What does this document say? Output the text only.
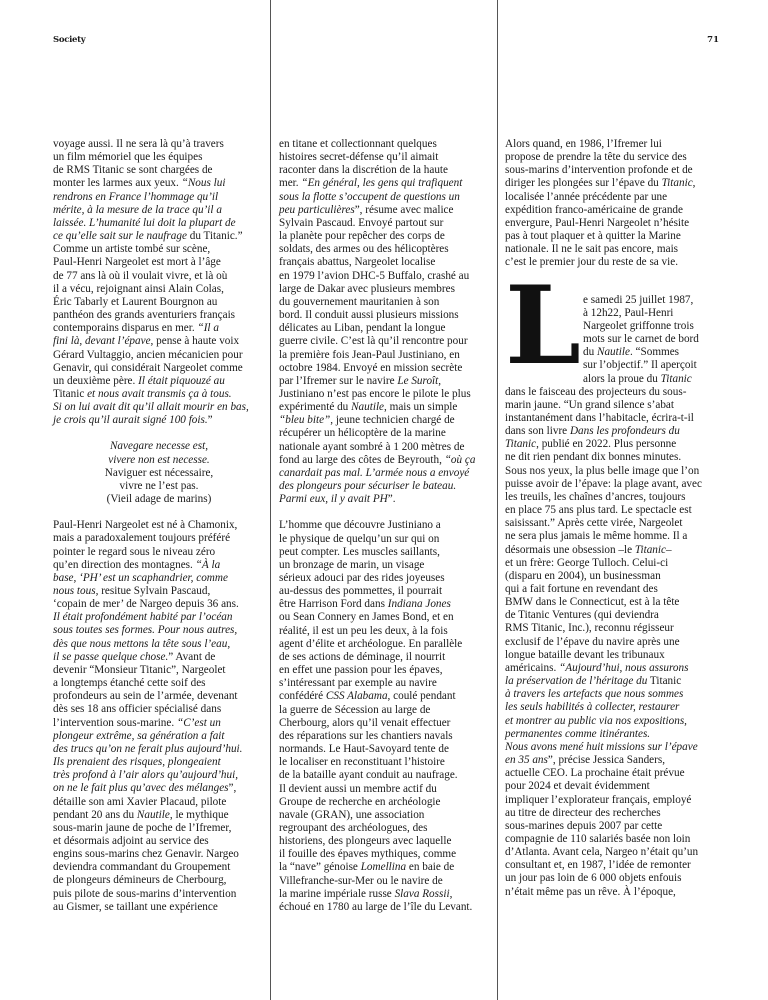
Society	71

voyage aussi. Il ne sera là qu’à travers
un film mémoriel que les équipes
de RMS Titanic se sont chargées de
monter les larmes aux yeux. “Nous lui
rendrons en France l’hommage qu’il
mérite, à la mesure de la trace qu’il a
laissée. L’humanité lui doit la plupart de
ce qu’elle sait sur le naufrage du Titanic.”
Comme un artiste tombé sur scène,
Paul-Henri Nargeolet est mort à l’âge
de 77 ans là où il voulait vivre, et là où
il a vécu, rejoignant ainsi Alain Colas,
Éric Tabarly et Laurent Bourgnon au
panthéon des grands aventuriers français
contemporains disparus en mer. “Il a
fini là, devant l’épave, pense à haute voix
Gérard Vultaggio, ancien mécanicien pour
Genavir, qui considérait Nargeolet comme
un deuxième père. Il était piquouzé au
Titanic et nous avait transmis ça à tous.
Si on lui avait dit qu’il allait mourir en bas,
je crois qu’il aurait signé 100 fois.”

Navegare necesse est,
vivere non est necesse.
Naviguer est nécessaire,
vivre ne l’est pas.
(Vieil adage de marins)

Paul-Henri Nargeolet est né à Chamonix,
mais a paradoxalement toujours préféré
pointer le regard sous le niveau zéro
qu’en direction des montagnes. “À la
base, ‘PH’ est un scaphandrier, comme
nous tous, resitue Sylvain Pascaud,
‘copain de mer’ de Nargeo depuis 36 ans.
Il était profondément habité par l’océan
sous toutes ses formes. Pour nous autres,
dès que nous mettons la tête sous l’eau,
il se passe quelque chose.” Avant de
devenir “Monsieur Titanic”, Nargeolet
a longtemps étanché cette soif des
profondeurs au sein de l’armée, devenant
dès ses 18 ans officier spécialisé dans
l’intervention sous-marine. “C’est un
plongeur extrême, sa génération a fait
des trucs qu’on ne ferait plus aujourd’hui.
Ils prenaient des risques, plongeaient
très profond à l’air alors qu’aujourd’hui,
on ne le fait plus qu’avec des mélanges”,
détaille son ami Xavier Placaud, pilote
pendant 20 ans du Nautile, le mythique
sous-marin jaune de poche de l’Ifremer,
et désormais adjoint au service des
engins sous-marins chez Genavir. Nargeo
deviendra commandant du Groupement
de plongeurs démineurs de Cherbourg,
puis pilote de sous-marins d’intervention
au Gismer, se taillant une expérience

en titane et collectionnant quelques
histoires secret-défense qu’il aimait
raconter dans la discrétion de la haute
mer. “En général, les gens qui trafiquent
sous la flotte s’occupent de questions un
peu particulières”, résume avec malice
Sylvain Pascaud. Envoyé partout sur
la planète pour repêcher des corps de
soldats, des armes ou des hélicoptères
français abattus, Nargeolet localise
en 1979 l’avion DHC-5 Buffalo, crashé au
large de Dakar avec plusieurs membres
du gouvernement mauritanien à son
bord. Il conduit aussi plusieurs missions
délicates au Liban, pendant la longue
guerre civile. C’est là qu’il rencontre pour
la première fois Jean-Paul Justiniano, en
octobre 1984. Envoyé en mission secrète
par l’Ifremer sur le navire Le Suroît,
Justiniano n’est pas encore le pilote le plus
expérimenté du Nautile, mais un simple
“bleu bite”, jeune technicien chargé de
récupérer un hélicoptère de la marine
nationale ayant sombré à 1 200 mètres de
fond au large des côtes de Beyrouth, “où ça
canardait pas mal. L’armée nous a envoyé
des plongeurs pour sécuriser le bateau.
Parmi eux, il y avait PH”.

L’homme que découvre Justiniano a
le physique de quelqu’un sur qui on
peut compter. Les muscles saillants,
un bronzage de marin, un visage
sérieux adouci par des rides joyeuses
au-dessus des pommettes, il pourrait
être Harrison Ford dans Indiana Jones
ou Sean Connery en James Bond, et en
réalité, il est un peu les deux, à la fois
agent d’élite et archéologue. En parallèle
de ses actions de déminage, il nourrit
en effet une passion pour les épaves,
s’intéressant par exemple au navire
confédéré CSS Alabama, coulé pendant
la guerre de Sécession au large de
Cherbourg, alors qu’il venait effectuer
des réparations sur les chantiers navals
normands. Le Haut-Savoyard tente de
le localiser en reconstituant l’histoire
de la bataille ayant conduit au naufrage.
Il devient aussi un membre actif du
Groupe de recherche en archéologie
navale (GRAN), une association
regroupant des archéologues, des
historiens, des plongeurs avec laquelle
il fouille des épaves mythiques, comme
la “nave” génoise Lomellina en baie de
Villefranche-sur-Mer ou le navire de
la marine impériale russe Slava Rossii,
échoué en 1780 au large de l’île du Levant.

Alors quand, en 1986, l’Ifremer lui
propose de prendre la tête du service des
sous-marins d’intervention profonde et de
diriger les plongées sur l’épave du Titanic,
localisée l’année précédente par une
expédition franco-américaine de grande
envergure, Paul-Henri Nargeolet n’hésite
pas à tout plaquer et à quitter la Marine
nationale. Il ne le sait pas encore, mais
c’est le premier jour du reste de sa vie.

L e samedi 25 juillet 1987,
à 12h22, Paul-Henri
Nargeolet griffonne trois
mots sur le carnet de bord
du Nautile. “Sommes
sur l’objectif.” Il aperçoit
alors la proue du Titanic

dans le faisceau des projecteurs du sous-
marin jaune. “Un grand silence s’abat
instantanément dans l’habitacle, écrira-t-il
dans son livre Dans les profondeurs du
Titanic, publié en 2022. Plus personne
ne dit rien pendant dix bonnes minutes.
Sous nos yeux, la plus belle image que l’on
puisse avoir de l’épave: la plage avant, avec
les treuils, les chaînes d’ancres, toujours
en place 75 ans plus tard. Le spectacle est
saisissant.” Après cette virée, Nargeolet
ne sera plus jamais le même homme. Il a
désormais une obsession –le Titanic–
et un frère: George Tulloch. Celui-ci
(disparu en 2004), un businessman
qui a fait fortune en revendant des
BMW dans le Connecticut, est à la tête
de Titanic Ventures (qui deviendra
RMS Titanic, Inc.), reconnu régisseur
exclusif de l’épave du navire après une
longue bataille devant les tribunaux
américains. “Aujourd’hui, nous assurons
la préservation de l’héritage du Titanic
à travers les artefacts que nous sommes
les seuls habilités à collecter, restaurer
et montrer au public via nos expositions,
permanentes comme itinérantes.
Nous avons mené huit missions sur l’épave
en 35 ans”, précise Jessica Sanders,
actuelle CEO. La prochaine était prévue
pour 2024 et devait évidemment
impliquer l’explorateur français, employé
au titre de directeur des recherches
sous-marines depuis 2007 par cette
compagnie de 110 salariés basée non loin
d’Atlanta. Avant cela, Nargeo n’était qu’un
consultant et, en 1987, l’idée de remonter
un jour pas loin de 6 000 objets enfouis
n’était même pas un rêve. À l’époque,
